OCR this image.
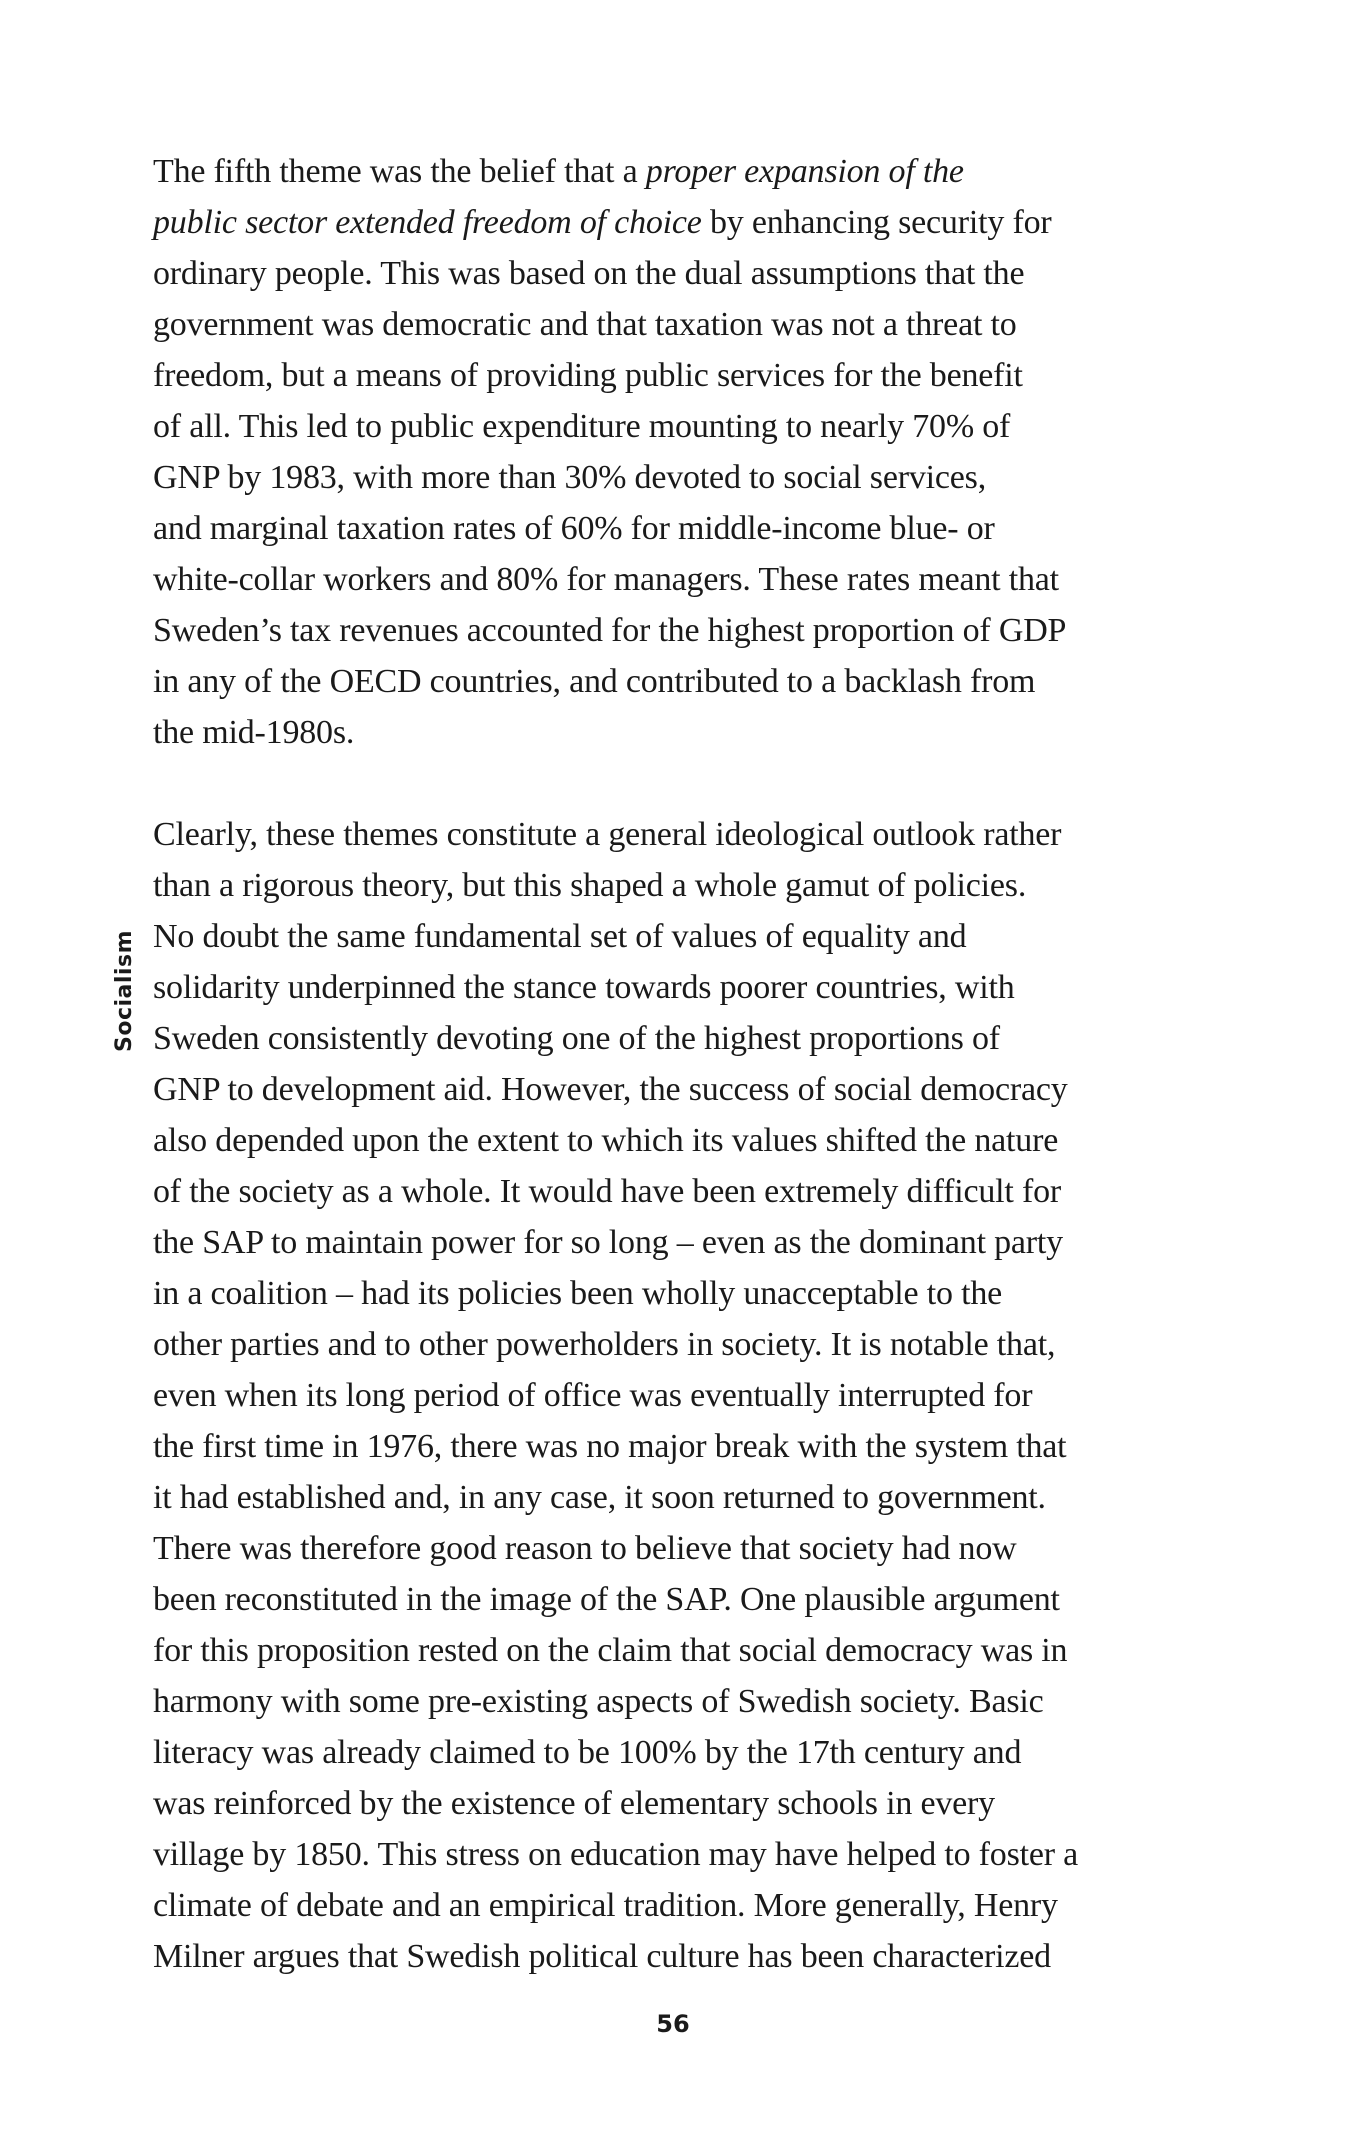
Socialism

The fifth theme was the belief that a proper expansion of the
public sector extended freedom of choice by enhancing security for
ordinary people. This was based on the dual assumptions that the
government was democratic and that taxation was not a threat to
freedom, but a means of providing public services for the benefit
of all. This led to public expenditure mounting to nearly 70% of
GNP by 1983, with more than 30% devoted to social services,
and marginal taxation rates of 60% for middle-income blue- or
white-collar workers and 80% for managers. These rates meant that
Sweden’s tax revenues accounted for the highest proportion of GDP
in any of the OECD countries, and contributed to a backlash from
the mid-1980s.

Clearly, these themes constitute a general ideological outlook rather
than a rigorous theory, but this shaped a whole gamut of policies.
No doubt the same fundamental set of values of equality and
solidarity underpinned the stance towards poorer countries, with
Sweden consistently devoting one of the highest proportions of
GNP to development aid. However, the success of social democracy
also depended upon the extent to which its values shifted the nature
of the society as a whole. It would have been extremely difficult for
the SAP to maintain power for so long – even as the dominant party
in a coalition – had its policies been wholly unacceptable to the
other parties and to other powerholders in society. It is notable that,
even when its long period of office was eventually interrupted for
the first time in 1976, there was no major break with the system that
it had established and, in any case, it soon returned to government.
There was therefore good reason to believe that society had now
been reconstituted in the image of the SAP. One plausible argument
for this proposition rested on the claim that social democracy was in
harmony with some pre-existing aspects of Swedish society. Basic
literacy was already claimed to be 100% by the 17th century and
was reinforced by the existence of elementary schools in every
village by 1850. This stress on education may have helped to foster a
climate of debate and an empirical tradition. More generally, Henry
Milner argues that Swedish political culture has been characterized

56
